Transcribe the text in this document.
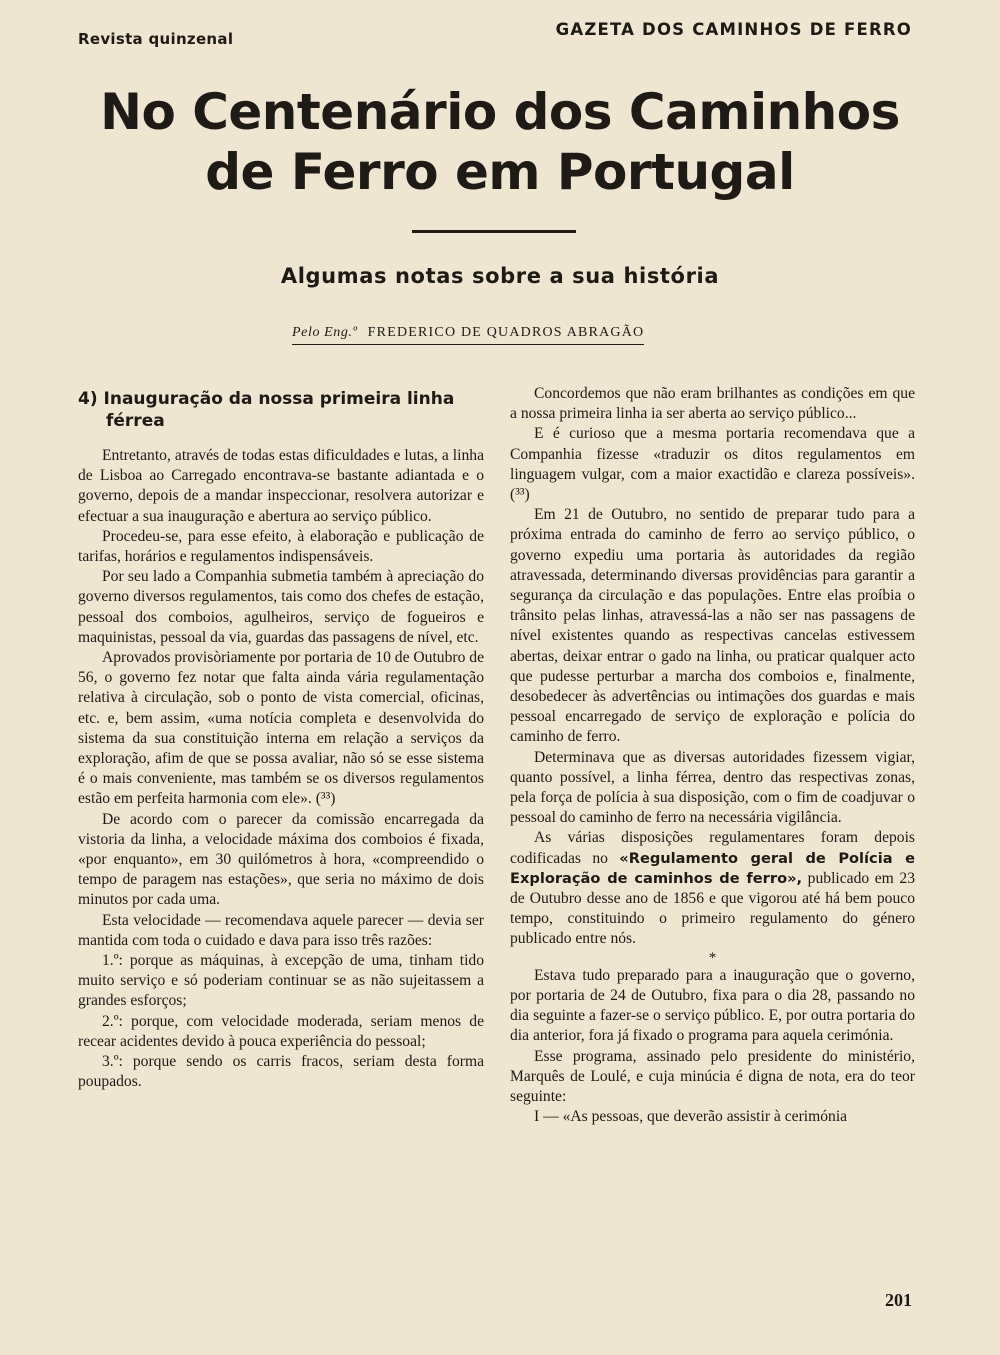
Revista quinzenal	GAZETA DOS CAMINHOS DE FERRO
No Centenário dos Caminhos
de Ferro em Portugal
Algumas notas sobre a sua história
Pelo Eng.º FREDERICO DE QUADROS ABRAGÃO
4) Inauguração da nossa primeira linha férrea

Entretanto, através de todas estas dificuldades e lutas, a linha de Lisboa ao Carregado encontrava-se bastante adiantada e o governo, depois de a mandar inspeccionar, resolvera autorizar e efectuar a sua inauguração e abertura ao serviço público.

Procedeu-se, para esse efeito, à elaboração e publicação de tarifas, horários e regulamentos indispensáveis.

Por seu lado a Companhia submetia também à apreciação do governo diversos regulamentos, tais como dos chefes de estação, pessoal dos comboios, agulheiros, serviço de fogueiros e maquinistas, pessoal da via, guardas das passagens de nível, etc.

Aprovados provisòriamente por portaria de 10 de Outubro de 56, o governo fez notar que falta ainda vária regulamentação relativa à circulação, sob o ponto de vista comercial, oficinas, etc. e, bem assim, «uma notícia completa e desenvolvida do sistema da sua constituição interna em relação a serviços da exploração, afim de que se possa avaliar, não só se esse sistema é o mais conveniente, mas também se os diversos regulamentos estão em perfeita harmonia com ele». (³³)

De acordo com o parecer da comissão encarregada da vistoria da linha, a velocidade máxima dos comboios é fixada, «por enquanto», em 30 quilómetros à hora, «compreendido o tempo de paragem nas estações», que seria no máximo de dois minutos por cada uma.

Esta velocidade — recomendava aquele parecer — devia ser mantida com toda o cuidado e dava para isso três razões:

1.º: porque as máquinas, à excepção de uma, tinham tido muito serviço e só poderiam continuar se as não sujeitassem a grandes esforços;

2.º: porque, com velocidade moderada, seriam menos de recear acidentes devido à pouca experiência do pessoal;

3.º: porque sendo os carris fracos, seriam desta forma poupados.

Concordemos que não eram brilhantes as condições em que a nossa primeira linha ia ser aberta ao serviço público...

E é curioso que a mesma portaria recomendava que a Companhia fizesse «traduzir os ditos regulamentos em linguagem vulgar, com a maior exactidão e clareza possíveis». (³³)

Em 21 de Outubro, no sentido de preparar tudo para a próxima entrada do caminho de ferro ao serviço público, o governo expediu uma portaria às autoridades da região atravessada, determinando diversas providências para garantir a segurança da circulação e das populações. Entre elas proíbia o trânsito pelas linhas, atravessá-las a não ser nas passagens de nível existentes quando as respectivas cancelas estivessem abertas, deixar entrar o gado na linha, ou praticar qualquer acto que pudesse perturbar a marcha dos comboios e, finalmente, desobedecer às advertências ou intimações dos guardas e mais pessoal encarregado de serviço de exploração e polícia do caminho de ferro.

Determinava que as diversas autoridades fizessem vigiar, quanto possível, a linha férrea, dentro das respectivas zonas, pela força de polícia à sua disposição, com o fim de coadjuvar o pessoal do caminho de ferro na necessária vigilância.

As várias disposições regulamentares foram depois codificadas no «Regulamento geral de Polícia e Exploração de caminhos de ferro», publicado em 23 de Outubro desse ano de 1856 e que vigorou até há bem pouco tempo, constituindo o primeiro regulamento do género publicado entre nós.

*

Estava tudo preparado para a inauguração que o governo, por portaria de 24 de Outubro, fixa para o dia 28, passando no dia seguinte a fazer-se o serviço público. E, por outra portaria do dia anterior, fora já fixado o programa para aquela cerimónia.

Esse programa, assinado pelo presidente do ministério, Marquês de Loulé, e cuja minúcia é digna de nota, era do teor seguinte:

I — «As pessoas, que deverão assistir à cerimónia

201
